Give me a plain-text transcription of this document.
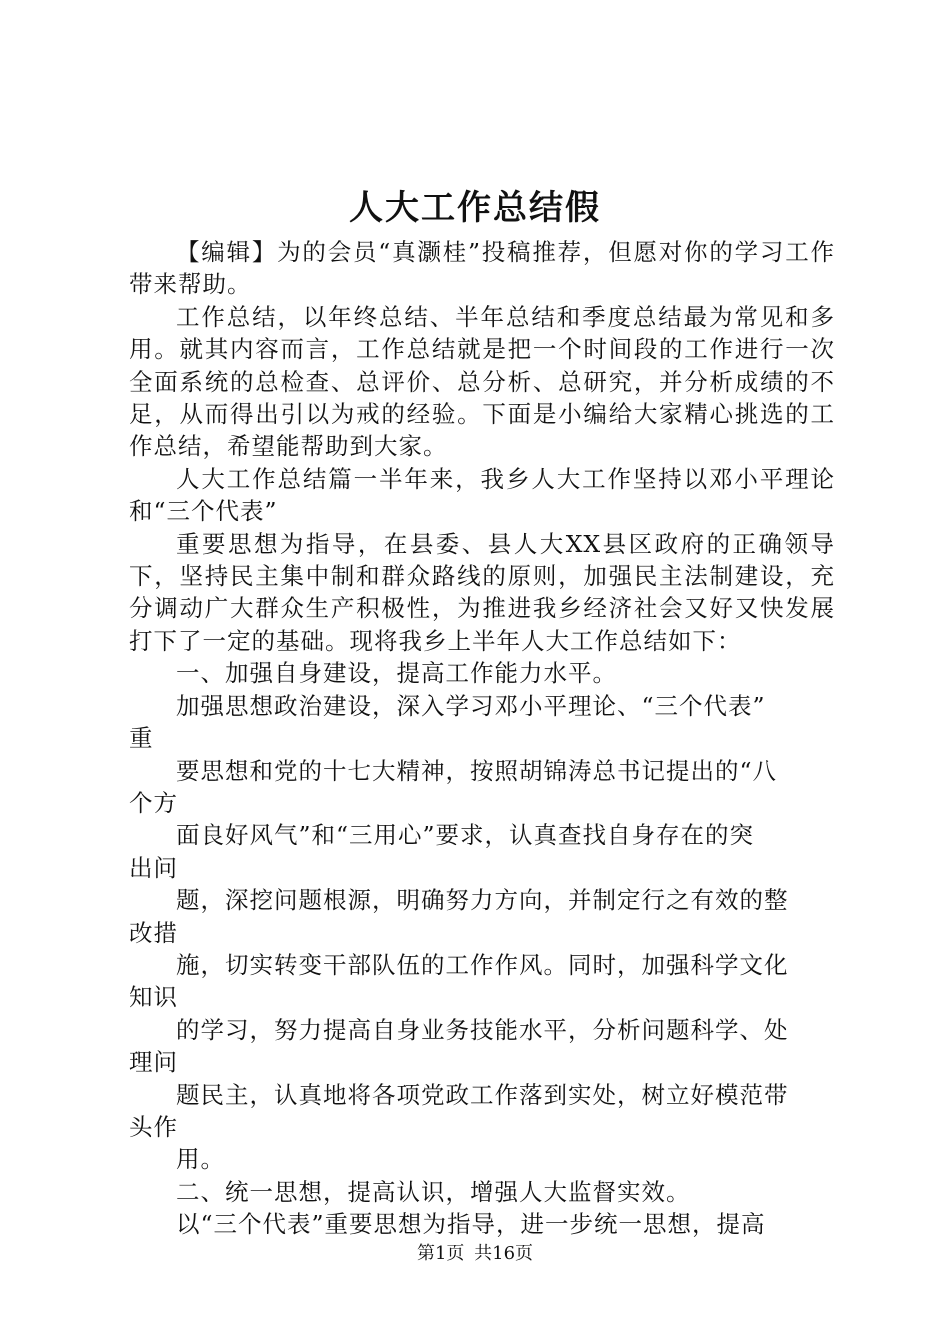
人大工作总结假

【编辑】为的会员“真灏桂”投稿推荐，但愿对你的学习工作带来帮助。

工作总结，以年终总结、半年总结和季度总结最为常见和多用。就其内容而言，工作总结就是把一个时间段的工作进行一次全面系统的总检查、总评价、总分析、总研究，并分析成绩的不足，从而得出引以为戒的经验。下面是小编给大家精心挑选的工作总结，希望能帮助到大家。

人大工作总结篇一半年来，我乡人大工作坚持以邓小平理论和“三个代表”

重要思想为指导，在县委、县人大XX县区政府的正确领导下，坚持民主集中制和群众路线的原则，加强民主法制建设，充分调动广大群众生产积极性，为推进我乡经济社会又好又快发展打下了一定的基础。现将我乡上半年人大工作总结如下：

一、加强自身建设，提高工作能力水平。

加强思想政治建设，深入学习邓小平理论、“三个代表”
重

要思想和党的十七大精神，按照胡锦涛总书记提出的“八
个方

面良好风气”和“三用心”要求，认真查找自身存在的突
出问

题，深挖问题根源，明确努力方向，并制定行之有效的整
改措

施，切实转变干部队伍的工作作风。同时，加强科学文化
知识

的学习，努力提高自身业务技能水平，分析问题科学、处
理问

题民主，认真地将各项党政工作落到实处，树立好模范带
头作

用。

二、统一思想，提高认识，增强人大监督实效。

以“三个代表”重要思想为指导，进一步统一思想，提高

第1页 共16页
